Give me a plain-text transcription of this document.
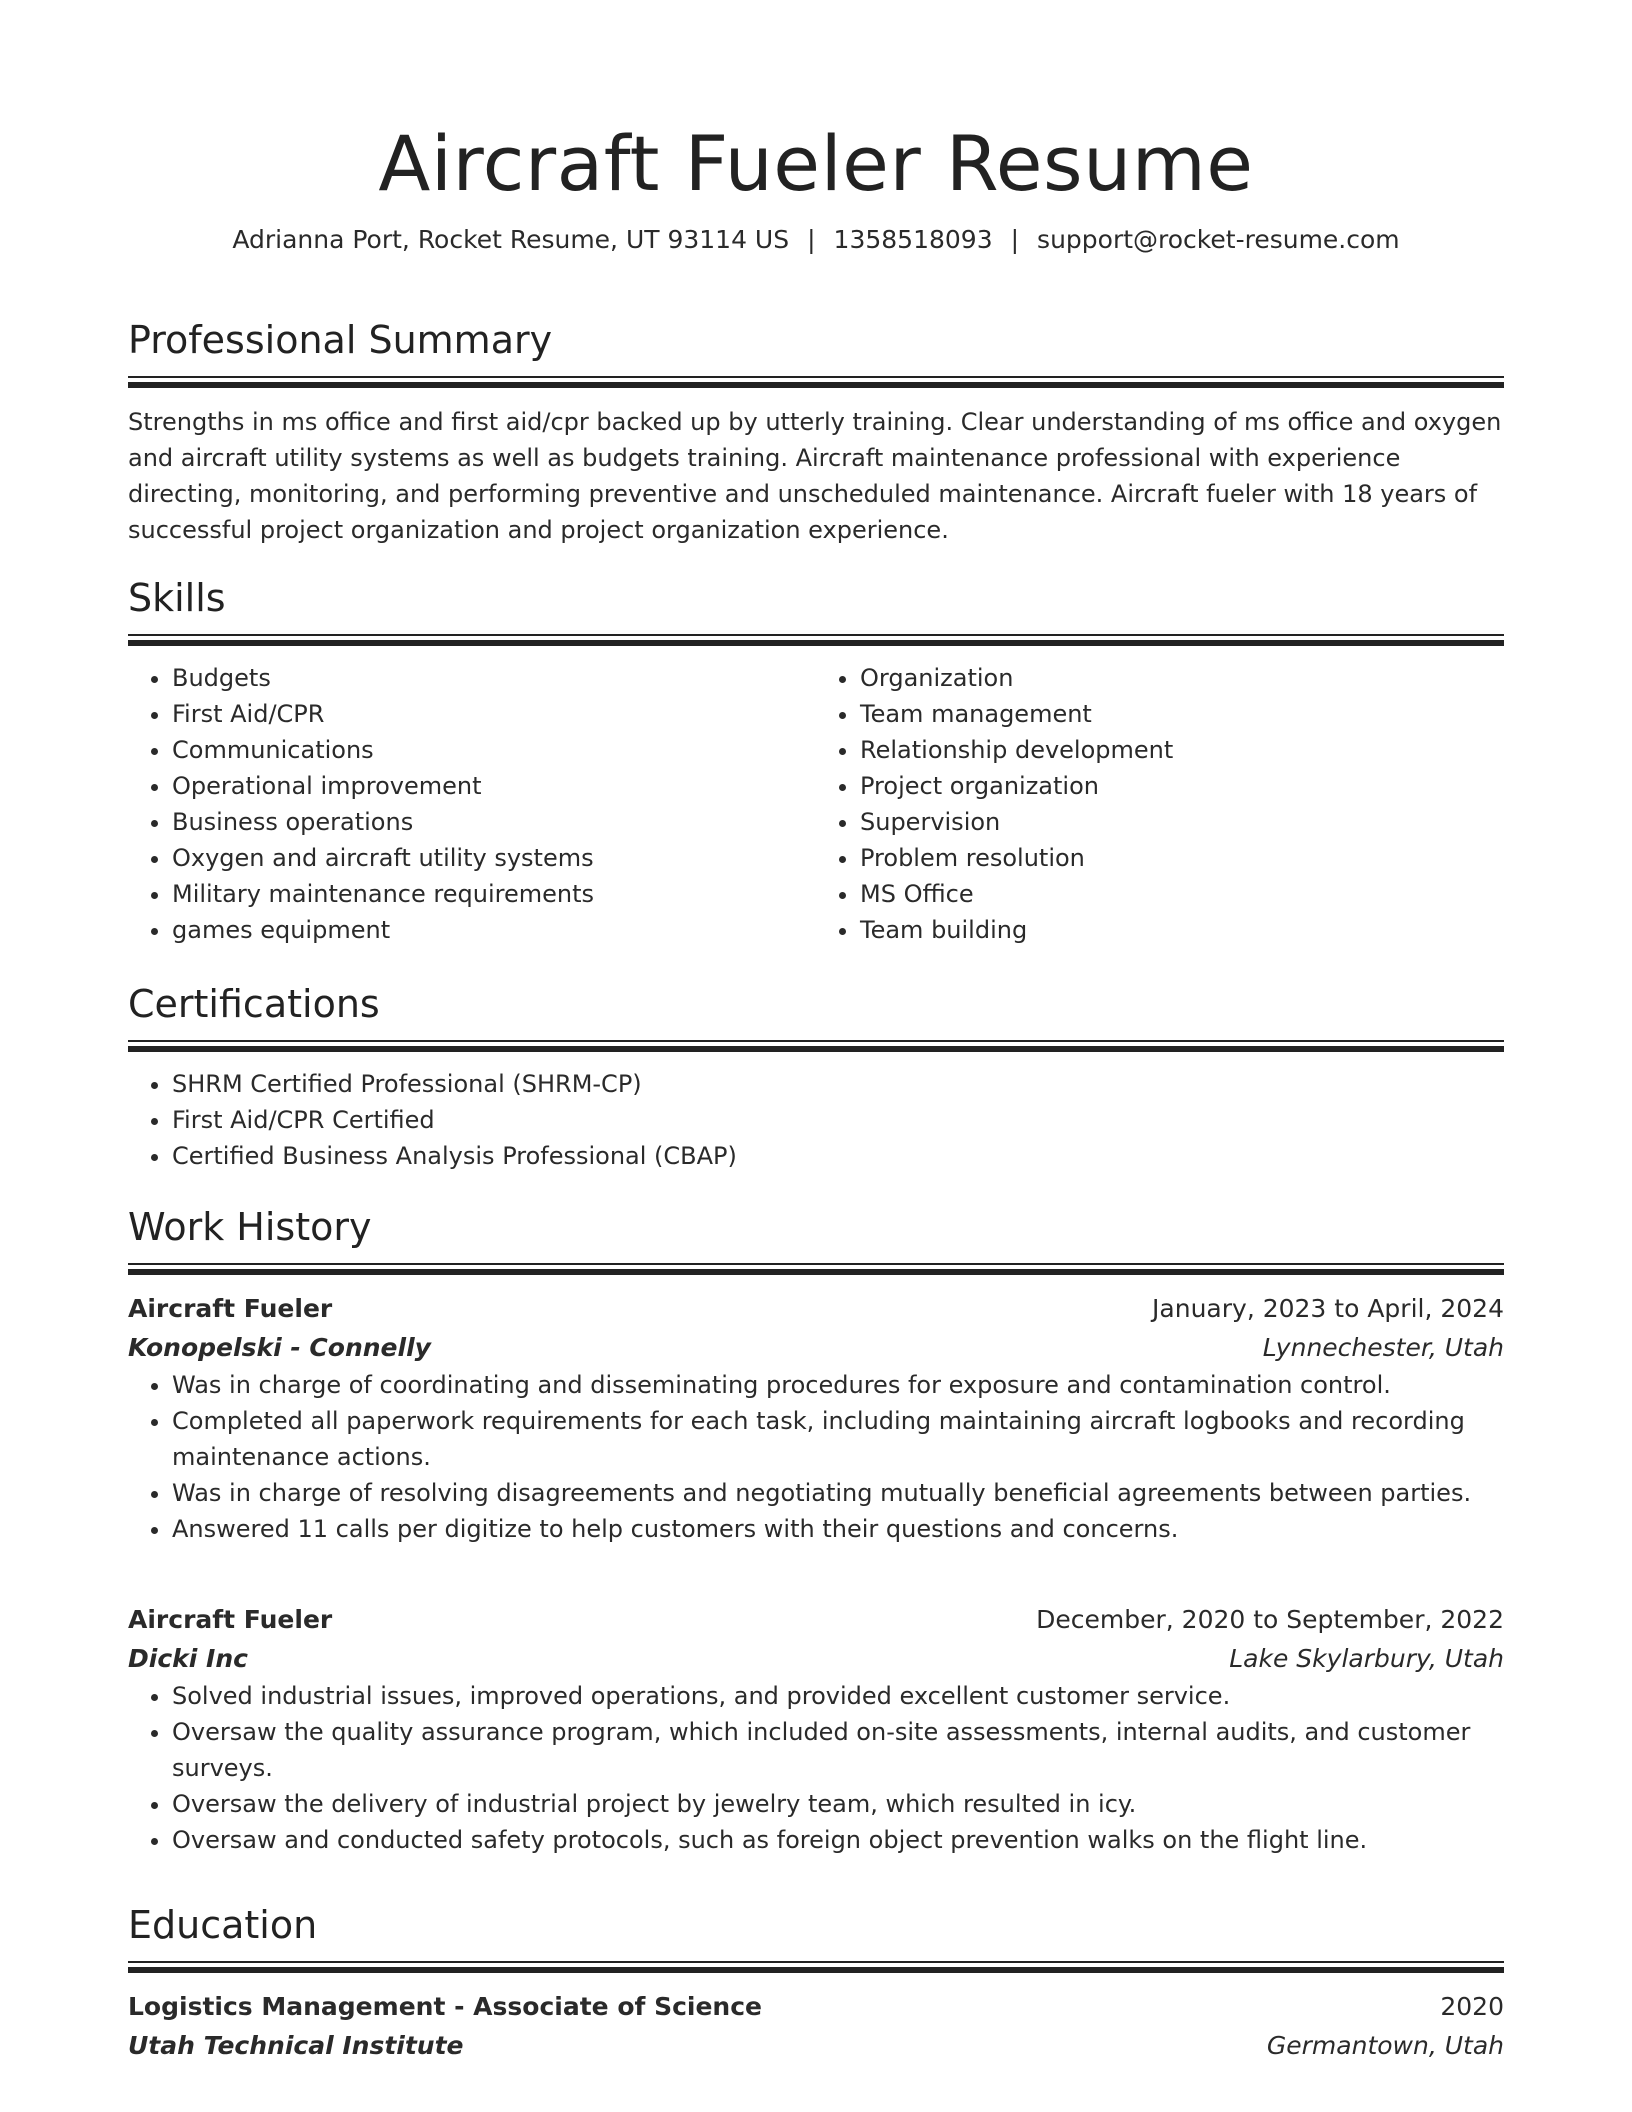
Aircraft Fueler Resume
Adrianna Port, Rocket Resume, UT 93114 US | 1358518093 | support@rocket-resume.com
Professional Summary

Strengths in ms office and first aid/cpr backed up by utterly training. Clear understanding of ms office and oxygen and aircraft utility systems as well as budgets training. Aircraft maintenance professional with experience directing, monitoring, and performing preventive and unscheduled maintenance. Aircraft fueler with 18 years of successful project organization and project organization experience.

Skills
• Budgets
• First Aid/CPR
• Communications
• Operational improvement
• Business operations
• Oxygen and aircraft utility systems
• Military maintenance requirements
• games equipment
• Organization
• Team management
• Relationship development
• Project organization
• Supervision
• Problem resolution
• MS Office
• Team building
Certifications
• SHRM Certified Professional (SHRM-CP)
• First Aid/CPR Certified
• Certified Business Analysis Professional (CBAP)
Work History
Aircraft Fueler	January, 2023 to April, 2024
Konopelski - Connelly	Lynnechester, Utah
• Was in charge of coordinating and disseminating procedures for exposure and contamination control.
• Completed all paperwork requirements for each task, including maintaining aircraft logbooks and recording maintenance actions.
• Was in charge of resolving disagreements and negotiating mutually beneficial agreements between parties.
• Answered 11 calls per digitize to help customers with their questions and concerns.
Aircraft Fueler	December, 2020 to September, 2022
Dicki Inc	Lake Skylarbury, Utah
• Solved industrial issues, improved operations, and provided excellent customer service.
• Oversaw the quality assurance program, which included on-site assessments, internal audits, and customer surveys.
• Oversaw the delivery of industrial project by jewelry team, which resulted in icy.
• Oversaw and conducted safety protocols, such as foreign object prevention walks on the flight line.
Education
Logistics Management - Associate of Science	2020
Utah Technical Institute	Germantown, Utah
